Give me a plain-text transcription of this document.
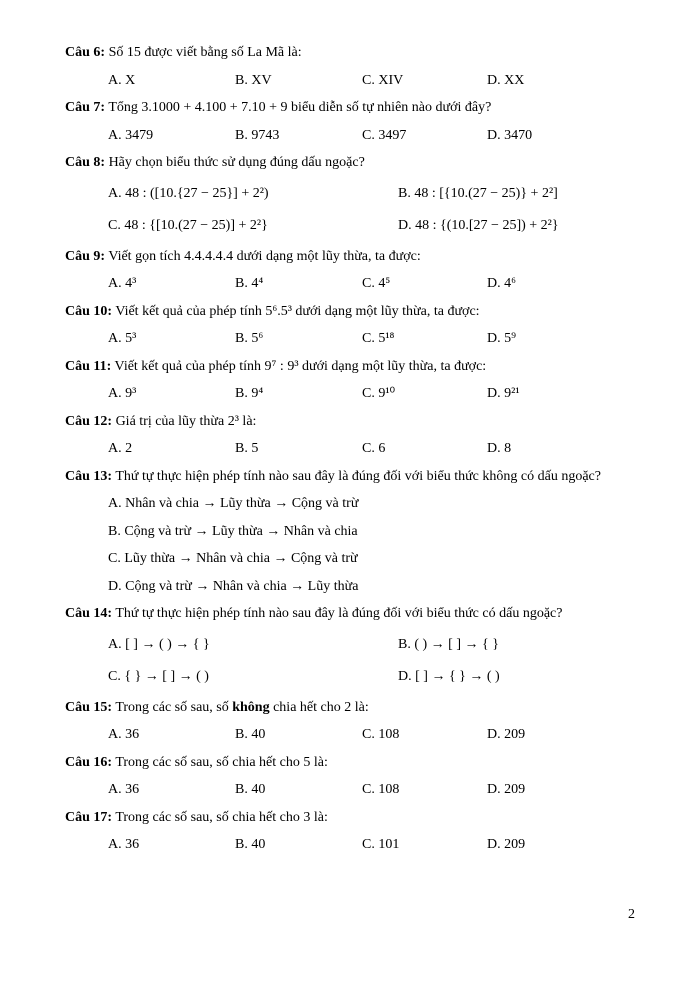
Câu 6: Số 15 được viết bằng số La Mã là:
A. X	B. XV	C. XIV	D. XX
Câu 7: Tổng 3.1000 + 4.100 + 7.10 + 9 biểu diễn số tự nhiên nào dưới đây?
A. 3479	B. 9743	C. 3497	D. 3470
Câu 8: Hãy chọn biểu thức sử dụng đúng dấu ngoặc?
A. 48 : ([10.{27 − 25}] + 2²)	B. 48 : [{10.(27 − 25)} + 2²]
C. 48 : {[10.(27 − 25)] + 2²}	D. 48 : {(10.[27 − 25]) + 2²}
Câu 9: Viết gọn tích 4.4.4.4.4 dưới dạng một lũy thừa, ta được:
A. 4³	B. 4⁴	C. 4⁵	D. 4⁶
Câu 10: Viết kết quả của phép tính 5⁶.5³ dưới dạng một lũy thừa, ta được:
A. 5³	B. 5⁶	C. 5¹⁸	D. 5⁹
Câu 11: Viết kết quả của phép tính 9⁷ : 9³ dưới dạng một lũy thừa, ta được:
A. 9³	B. 9⁴	C. 9¹⁰	D. 9²¹
Câu 12: Giá trị của lũy thừa 2³ là:
A. 2	B. 5	C. 6	D. 8
Câu 13: Thứ tự thực hiện phép tính nào sau đây là đúng đối với biểu thức không có dấu ngoặc?
A. Nhân và chia → Lũy thừa → Cộng và trừ
B. Cộng và trừ → Lũy thừa → Nhân và chia
C. Lũy thừa → Nhân và chia → Cộng và trừ
D. Cộng và trừ → Nhân và chia → Lũy thừa
Câu 14: Thứ tự thực hiện phép tính nào sau đây là đúng đối với biểu thức có dấu ngoặc?
A. [ ] → ( ) → { }	B. ( ) → [ ] → { }
C. { } → [ ] → ( )	D. [ ] → { } → ( )
Câu 15: Trong các số sau, số không chia hết cho 2 là:
A. 36	B. 40	C. 108	D. 209
Câu 16: Trong các số sau, số chia hết cho 5 là:
A. 36	B. 40	C. 108	D. 209
Câu 17: Trong các số sau, số chia hết cho 3 là:
A. 36	B. 40	C. 101	D. 209
2
